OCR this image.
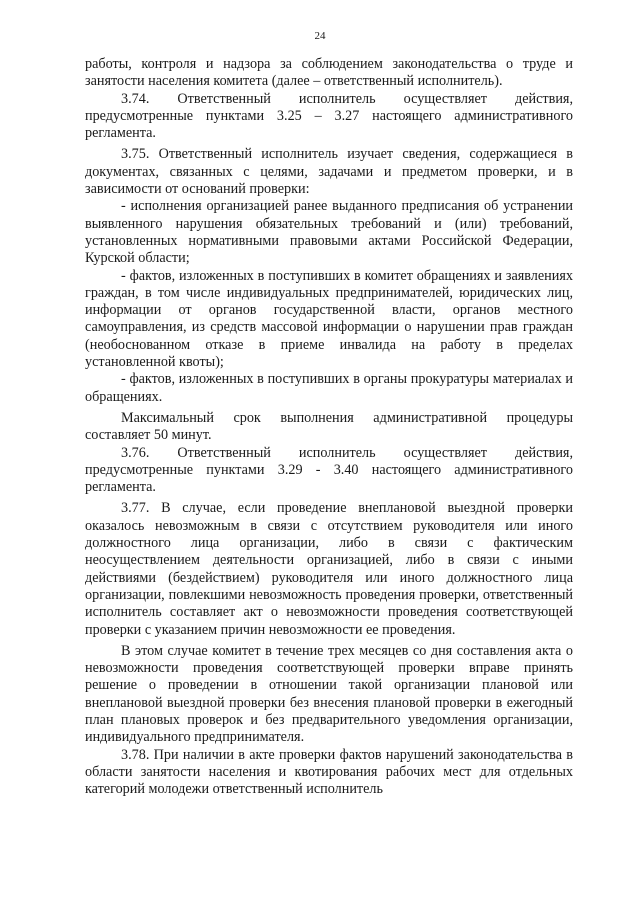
24

работы, контроля и надзора за соблюдением законодательства о труде и занятости населения комитета (далее – ответственный исполнитель).

3.74. Ответственный исполнитель осуществляет действия, предусмотренные пунктами 3.25 – 3.27 настоящего административного регламента.

3.75. Ответственный исполнитель изучает сведения, содержащиеся в документах, связанных с целями, задачами и предметом проверки, и в зависимости от оснований проверки:

- исполнения организацией ранее выданного предписания об устранении выявленного нарушения обязательных требований и (или) требований, установленных нормативными правовыми актами Российской Федерации, Курской области;

- фактов, изложенных в поступивших в комитет обращениях и заявлениях граждан, в том числе индивидуальных предпринимателей, юридических лиц, информации от органов государственной власти, органов местного самоуправления, из средств массовой информации о нарушении прав граждан (необоснованном отказе в приеме инвалида на работу в пределах установленной квоты);

- фактов, изложенных в поступивших в органы прокуратуры материалах и обращениях.

Максимальный срок выполнения административной процедуры составляет 50 минут.

3.76. Ответственный исполнитель осуществляет действия, предусмотренные пунктами 3.29 - 3.40 настоящего административного регламента.

3.77. В случае, если проведение внеплановой выездной проверки оказалось невозможным в связи с отсутствием руководителя или иного должностного лица организации, либо в связи с фактическим неосуществлением деятельности организацией, либо в связи с иными действиями (бездействием) руководителя или иного должностного лица организации, повлекшими невозможность проведения проверки, ответственный исполнитель составляет акт о невозможности проведения соответствующей проверки с указанием причин невозможности ее проведения.

В этом случае комитет в течение трех месяцев со дня составления акта о невозможности проведения соответствующей проверки вправе принять решение о проведении в отношении такой организации плановой или внеплановой выездной проверки без внесения плановой проверки в ежегодный план плановых проверок и без предварительного уведомления организации, индивидуального предпринимателя.

3.78. При наличии в акте проверки фактов нарушений законодательства в области занятости населения и квотирования рабочих мест для отдельных категорий молодежи ответственный исполнитель
